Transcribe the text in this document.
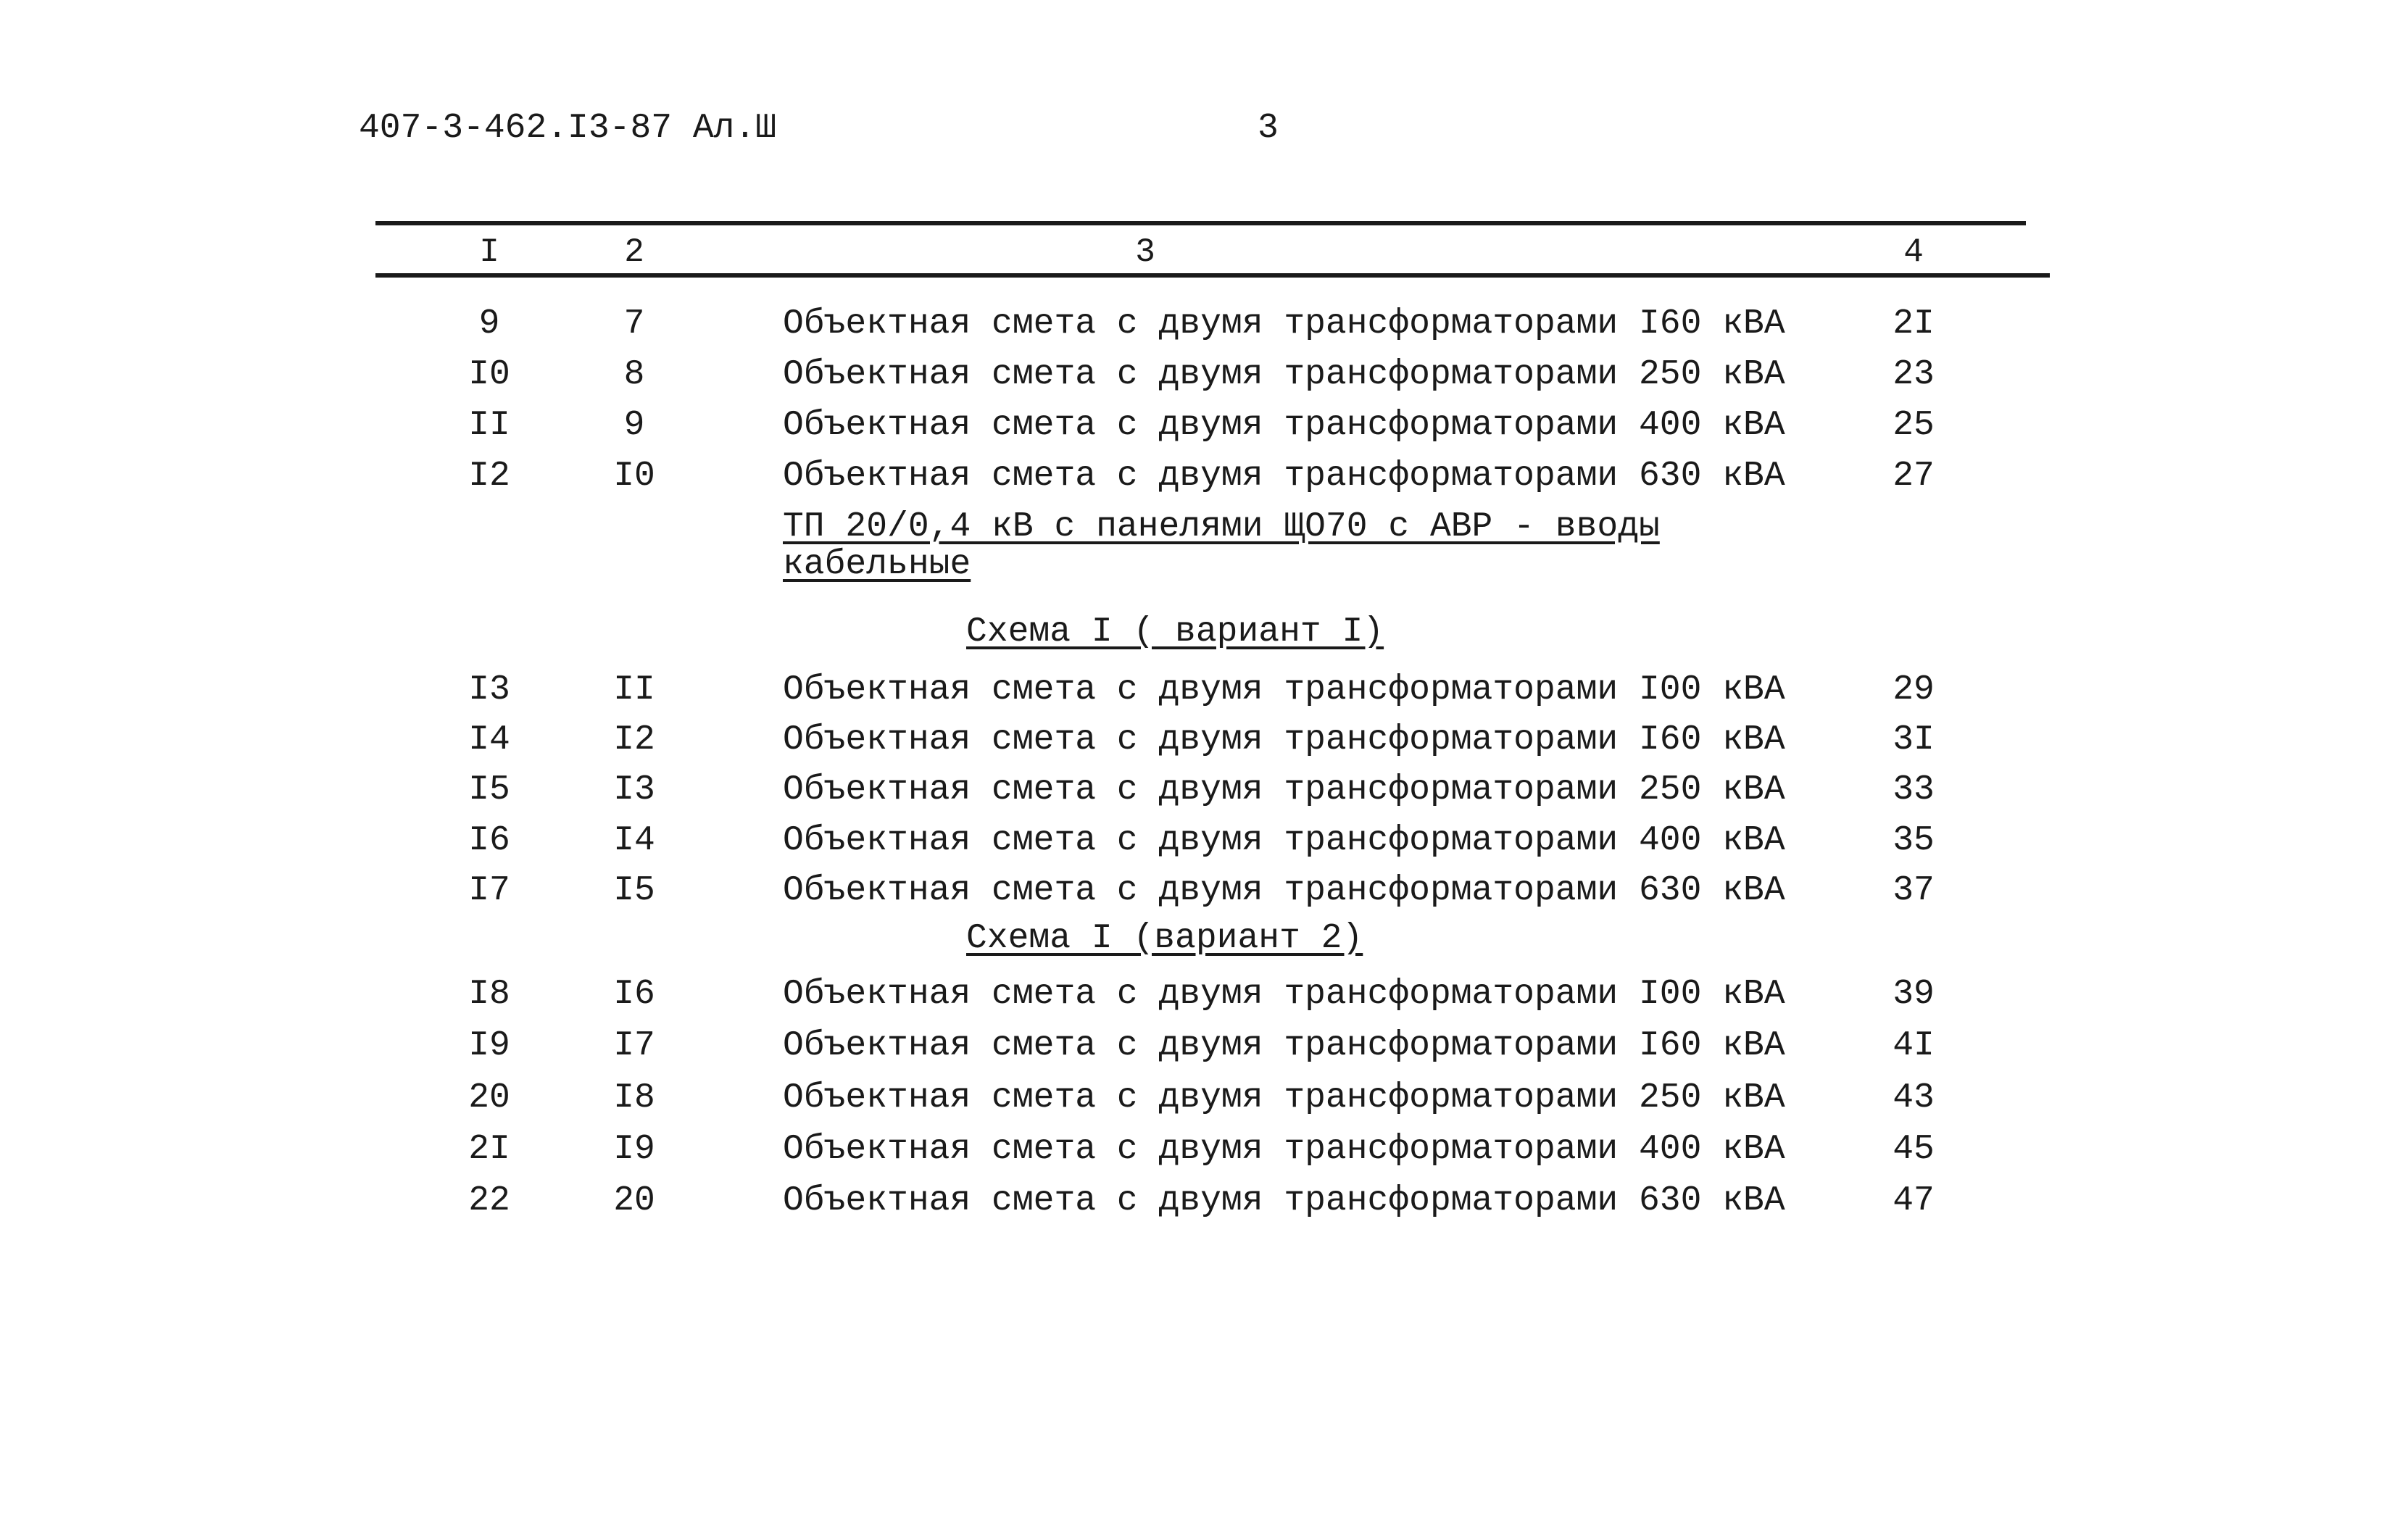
407-3-462.I3-87 Ал.Ш	3
I	2	3	4
9	7	Объектная смета с двумя трансформаторами I60 кВА	2I
I0	8	Объектная смета с двумя трансформаторами 250 кВА	23
II	9	Объектная смета с двумя трансформаторами 400 кВА	25
I2	I0	Объектная смета с двумя трансформаторами 630 кВА	27
ТП 20/0,4 кВ с панелями ЩО70 с АВР - вводы
кабельные
Схема I ( вариант I)
I3	II	Объектная смета с двумя трансформаторами I00 кВА	29
I4	I2	Объектная смета с двумя трансформаторами I60 кВА	3I
I5	I3	Объектная смета с двумя трансформаторами 250 кВА	33
I6	I4	Объектная смета с двумя трансформаторами 400 кВА	35
I7	I5	Объектная смета с двумя трансформаторами 630 кВА	37
Схема I (вариант 2)
I8	I6	Объектная смета с двумя трансформаторами I00 кВА	39
I9	I7	Объектная смета с двумя трансформаторами I60 кВА	4I
20	I8	Объектная смета с двумя трансформаторами 250 кВА	43
2I	I9	Объектная смета с двумя трансформаторами 400 кВА	45
22	20	Объектная смета с двумя трансформаторами 630 кВА	47
